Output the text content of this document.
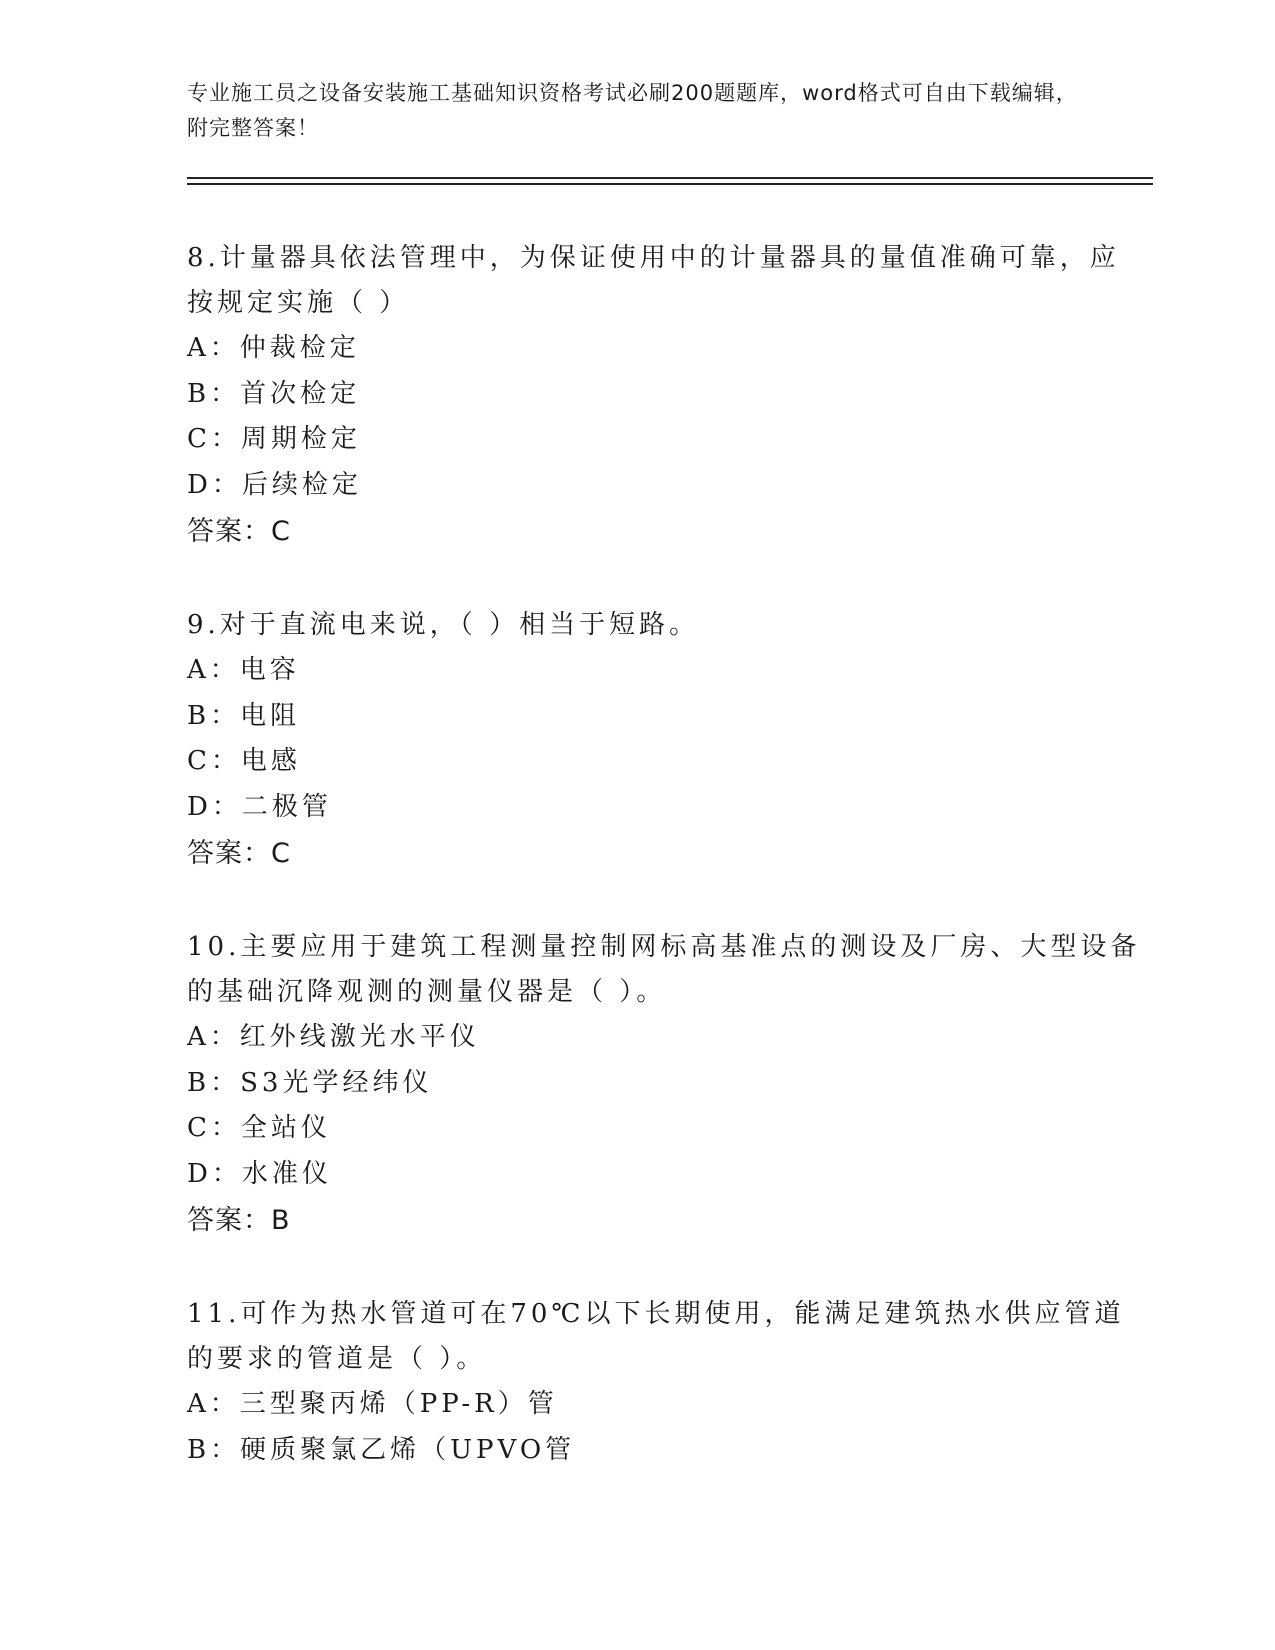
专业施工员之设备安装施工基础知识资格考试必刷200题题库，word格式可自由下载编辑，附完整答案！
8.计量器具依法管理中，为保证使用中的计量器具的量值准确可靠，应按规定实施（ ）
A：仲裁检定
B：首次检定
C：周期检定
D：后续检定
答案：C
9.对于直流电来说，（ ）相当于短路。
A：电容
B：电阻
C：电感
D：二极管
答案：C
10.主要应用于建筑工程测量控制网标高基准点的测设及厂房、大型设备的基础沉降观测的测量仪器是（ ）。
A：红外线激光水平仪
B：S3光学经纬仪
C：全站仪
D：水准仪
答案：B
11.可作为热水管道可在70℃以下长期使用，能满足建筑热水供应管道的要求的管道是（ ）。
A：三型聚丙烯（PP-R）管
B：硬质聚氯乙烯（UPVO管
